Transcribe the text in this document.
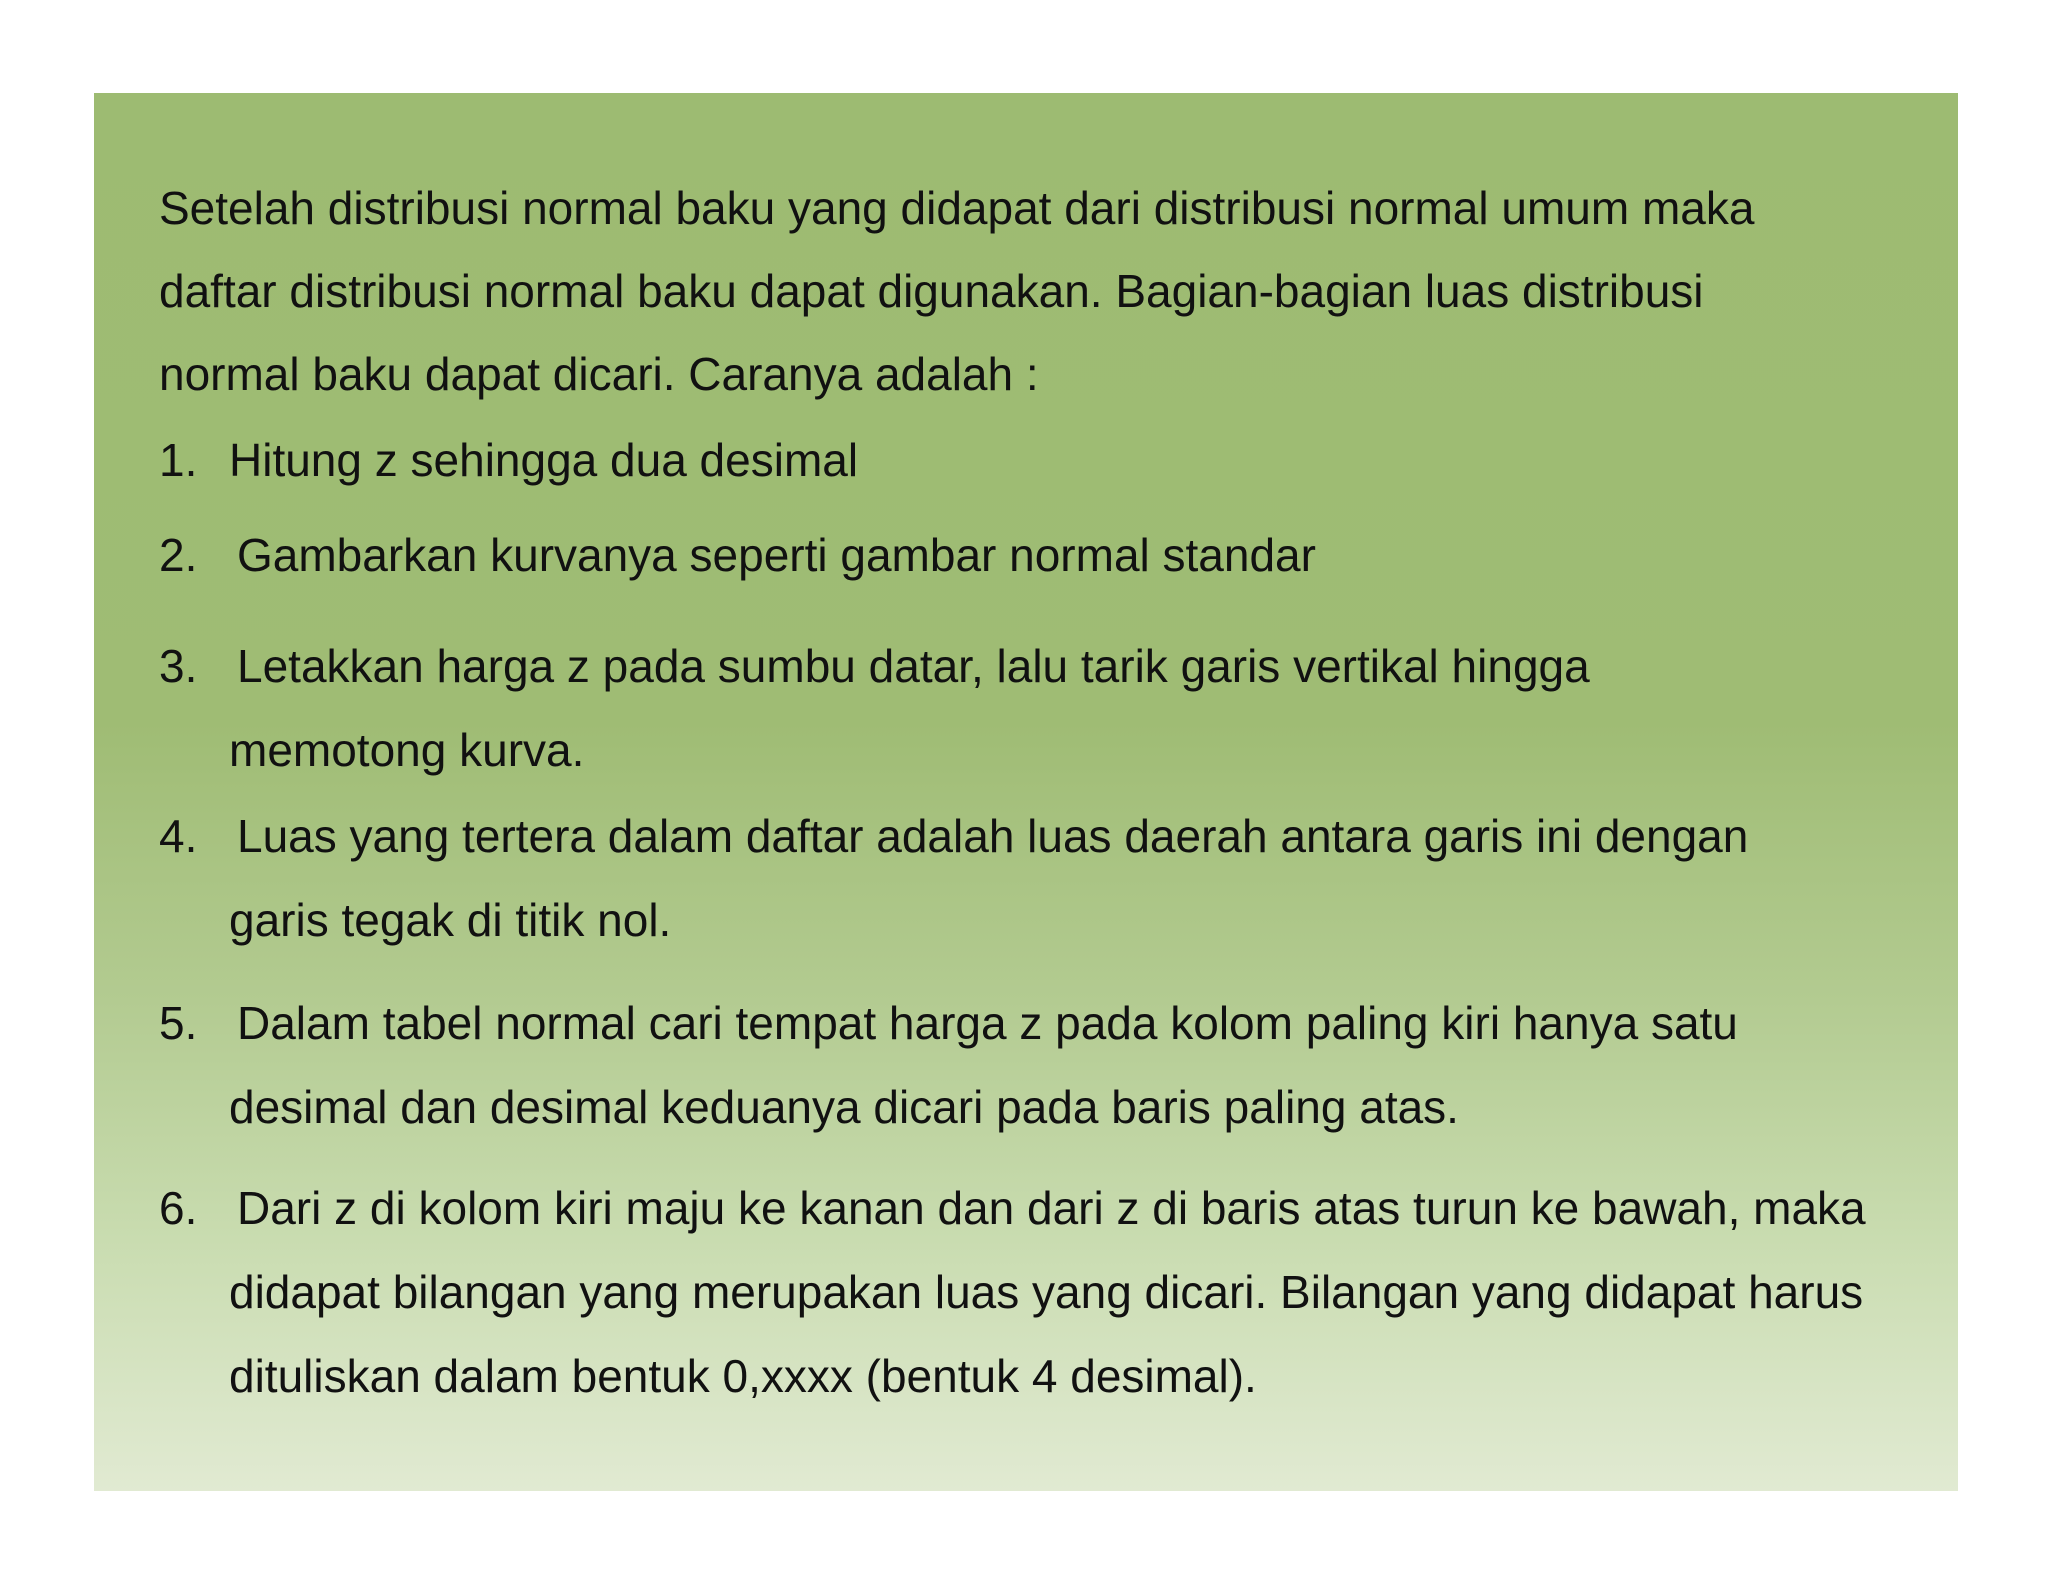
Setelah distribusi normal baku yang didapat dari distribusi normal umum maka
daftar distribusi normal baku dapat digunakan. Bagian-bagian luas distribusi
normal baku dapat dicari. Caranya adalah :

1. Hitung z sehingga dua desimal

2. Gambarkan kurvanya seperti gambar normal standar

3. Letakkan harga z pada sumbu datar, lalu tarik garis vertikal hingga
memotong kurva.

4. Luas yang tertera dalam daftar adalah luas daerah antara garis ini dengan
garis tegak di titik nol.

5. Dalam tabel normal cari tempat harga z pada kolom paling kiri hanya satu
desimal dan desimal keduanya dicari pada baris paling atas.

6. Dari z di kolom kiri maju ke kanan dan dari z di baris atas turun ke bawah, maka
didapat bilangan yang merupakan luas yang dicari. Bilangan yang didapat harus
dituliskan dalam bentuk 0,xxxx (bentuk 4 desimal).
